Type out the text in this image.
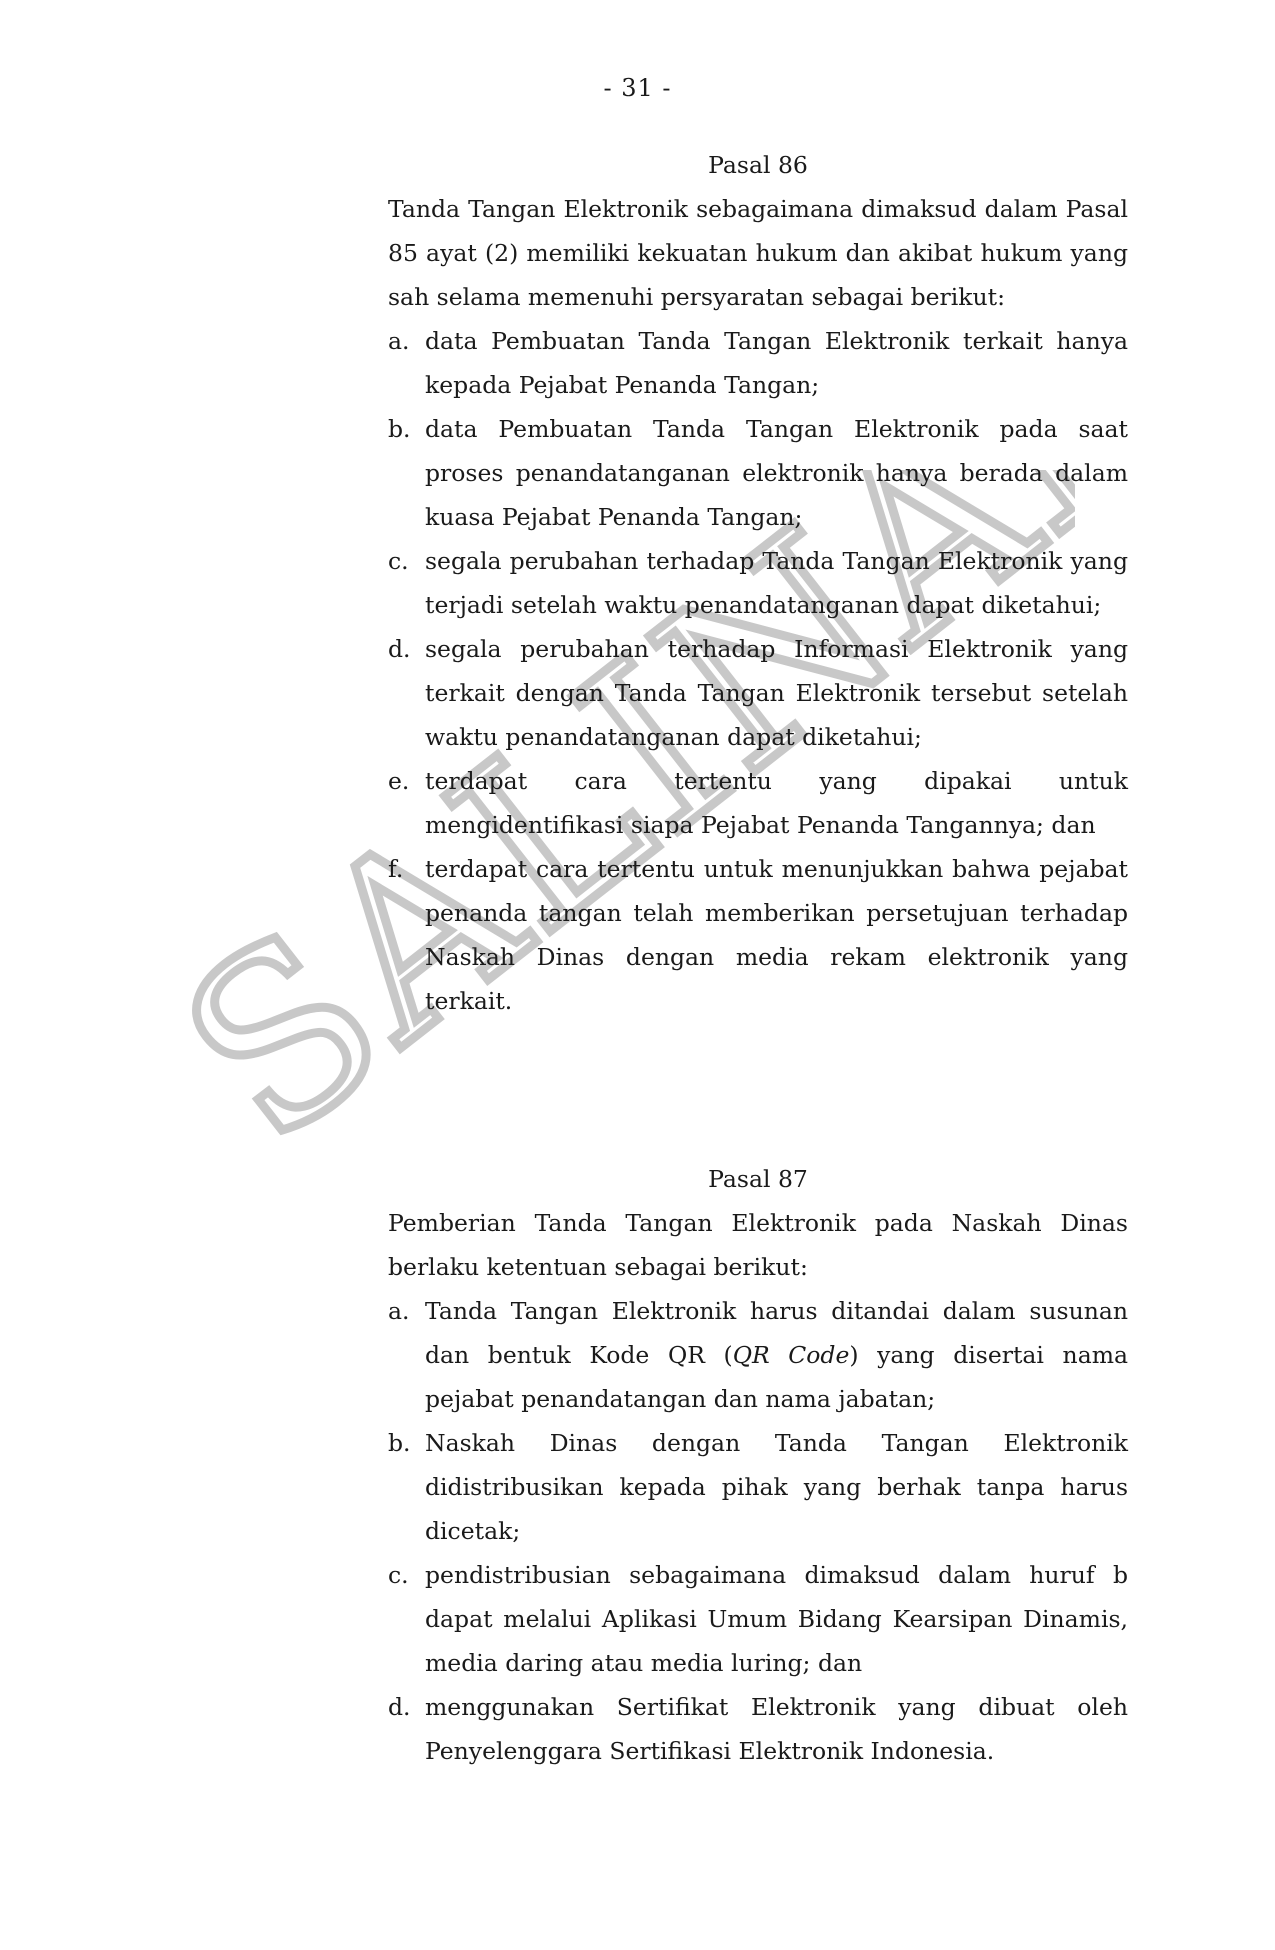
SALINAN
- 31 -
Pasal 86

Tanda Tangan Elektronik sebagaimana dimaksud dalam Pasal 85 ayat (2) memiliki kekuatan hukum dan akibat hukum yang sah selama memenuhi persyaratan sebagai berikut:

a. data Pembuatan Tanda Tangan Elektronik terkait hanya kepada Pejabat Penanda Tangan;
b. data Pembuatan Tanda Tangan Elektronik pada saat proses penandatanganan elektronik hanya berada dalam kuasa Pejabat Penanda Tangan;
c. segala perubahan terhadap Tanda Tangan Elektronik yang terjadi setelah waktu penandatanganan dapat diketahui;
d. segala perubahan terhadap Informasi Elektronik yang terkait dengan Tanda Tangan Elektronik tersebut setelah waktu penandatanganan dapat diketahui;
e. terdapat cara tertentu yang dipakai untuk mengidentifikasi siapa Pejabat Penanda Tangannya; dan
f. terdapat cara tertentu untuk menunjukkan bahwa pejabat penanda tangan telah memberikan persetujuan terhadap Naskah Dinas dengan media rekam elektronik yang terkait.
Pasal 87

Pemberian Tanda Tangan Elektronik pada Naskah Dinas berlaku ketentuan sebagai berikut:

a. Tanda Tangan Elektronik harus ditandai dalam susunan dan bentuk Kode QR (QR Code) yang disertai nama pejabat penandatangan dan nama jabatan;
b. Naskah Dinas dengan Tanda Tangan Elektronik didistribusikan kepada pihak yang berhak tanpa harus dicetak;
c. pendistribusian sebagaimana dimaksud dalam huruf b dapat melalui Aplikasi Umum Bidang Kearsipan Dinamis, media daring atau media luring; dan
d. menggunakan Sertifikat Elektronik yang dibuat oleh Penyelenggara Sertifikasi Elektronik Indonesia.
